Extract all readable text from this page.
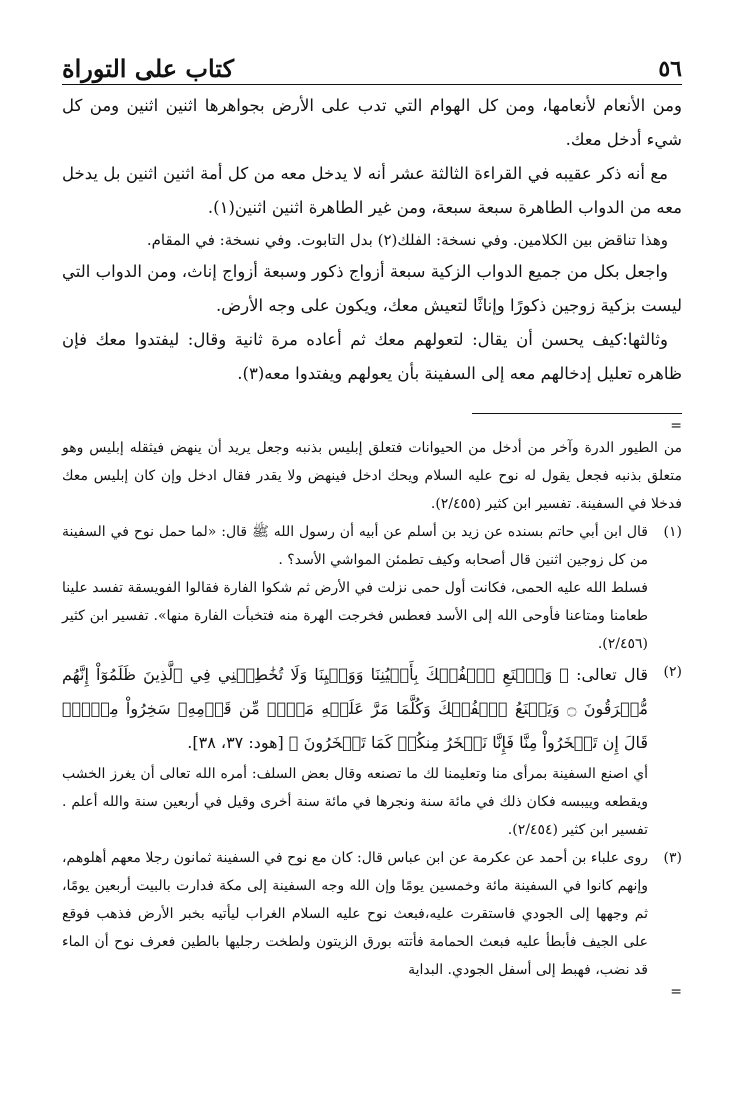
٥٦
كتاب على التوراة

ومن الأنعام لأنعامها، ومن كل الهوام التي تدب على الأرض بجواهرها اثنين اثنين ومن كل شيء أدخل معك.

مع أنه ذكر عقيبه في القراءة الثالثة عشر أنه لا يدخل معه من كل أمة اثنين اثنين بل يدخل معه من الدواب الطاهرة سبعة سبعة، ومن غير الطاهرة اثنين اثنين(١).

وهذا تناقض بين الكلامين. وفي نسخة: الفلك(٢) بدل التابوت. وفي نسخة: في المقام.

واجعل بكل من جميع الدواب الزكية سبعة أزواج ذكور وسبعة أزواج إناث، ومن الدواب التي ليست بزكية زوجين ذكورًا وإناثًا لتعيش معك، ويكون على وجه الأرض.

وثالثها:كيف يحسن أن يقال: لتعولهم معك ثم أعاده مرة ثانية وقال: ليفتدوا معك فإن ظاهره تعليل إدخالهم معه إلى السفينة بأن يعولهم ويفتدوا معه(٣).

=

من الطيور الدرة وآخر من أدخل من الحيوانات فتعلق إبليس بذنبه وجعل يريد أن ينهض فيثقله إبليس وهو متعلق بذنبه فجعل يقول له نوح عليه السلام ويحك ادخل فينهض ولا يقدر فقال ادخل وإن كان إبليس معك فدخلا في السفينة. تفسير ابن كثير (٢/٤٥٥).

(١)

قال ابن أبي حاتم بسنده عن زيد بن أسلم عن أبيه أن رسول الله ﷺ قال: «لما حمل نوح في السفينة من كل زوجين اثنين قال أصحابه وكيف تطمئن المواشي الأسد؟ .

فسلط الله عليه الحمى، فكانت أول حمى نزلت في الأرض ثم شكوا الفارة فقالوا الفويسقة تفسد علينا طعامنا ومتاعنا فأوحى الله إلى الأسد فعطس فخرجت الهرة منه فتخبأت الفارة منها». تفسير ابن كثير (٢/٤٥٦).

(٢)

قال تعالى: ﴿ وَٱصۡنَعِ ٱلۡفُلۡكَ بِأَعۡيُنِنَا وَوَحۡيِنَا وَلَا تُخَٰطِبۡنِي فِي ٱلَّذِينَ ظَلَمُوٓاْ إِنَّهُم مُّغۡرَقُونَ ۝ وَيَصۡنَعُ ٱلۡفُلۡكَ وَكُلَّمَا مَرَّ عَلَيۡهِ مَلَأٞ مِّن قَوۡمِهِۦ سَخِرُواْ مِنۡهُۚ قَالَ إِن تَسۡخَرُواْ مِنَّا فَإِنَّا نَسۡخَرُ مِنكُمۡ كَمَا تَسۡخَرُونَ ﴾ [هود: ٣٧، ٣٨].

أي اصنع السفينة بمرأى منا وتعليمنا لك ما تصنعه وقال بعض السلف: أمره الله تعالى أن يغرز الخشب ويقطعه وييبسه فكان ذلك في مائة سنة ونجرها في مائة سنة أخرى وقيل في أربعين سنة والله أعلم . تفسير ابن كثير (٢/٤٥٤).

(٣)

روى علباء بن أحمد عن عكرمة عن ابن عباس قال: كان مع نوح في السفينة ثمانون رجلا معهم أهلوهم، وإنهم كانوا في السفينة مائة وخمسين يومًا وإن الله وجه السفينة إلى مكة فدارت بالبيت أربعين يومًا، ثم وجهها إلى الجودي فاستقرت عليه،فبعث نوح عليه السلام الغراب ليأتيه بخبر الأرض فذهب فوقع على الجيف فأبطأ عليه فبعث الحمامة فأتته بورق الزيتون ولطخت رجليها بالطين فعرف نوح أن الماء قد نضب، فهبط إلى أسفل الجودي. البداية

=
